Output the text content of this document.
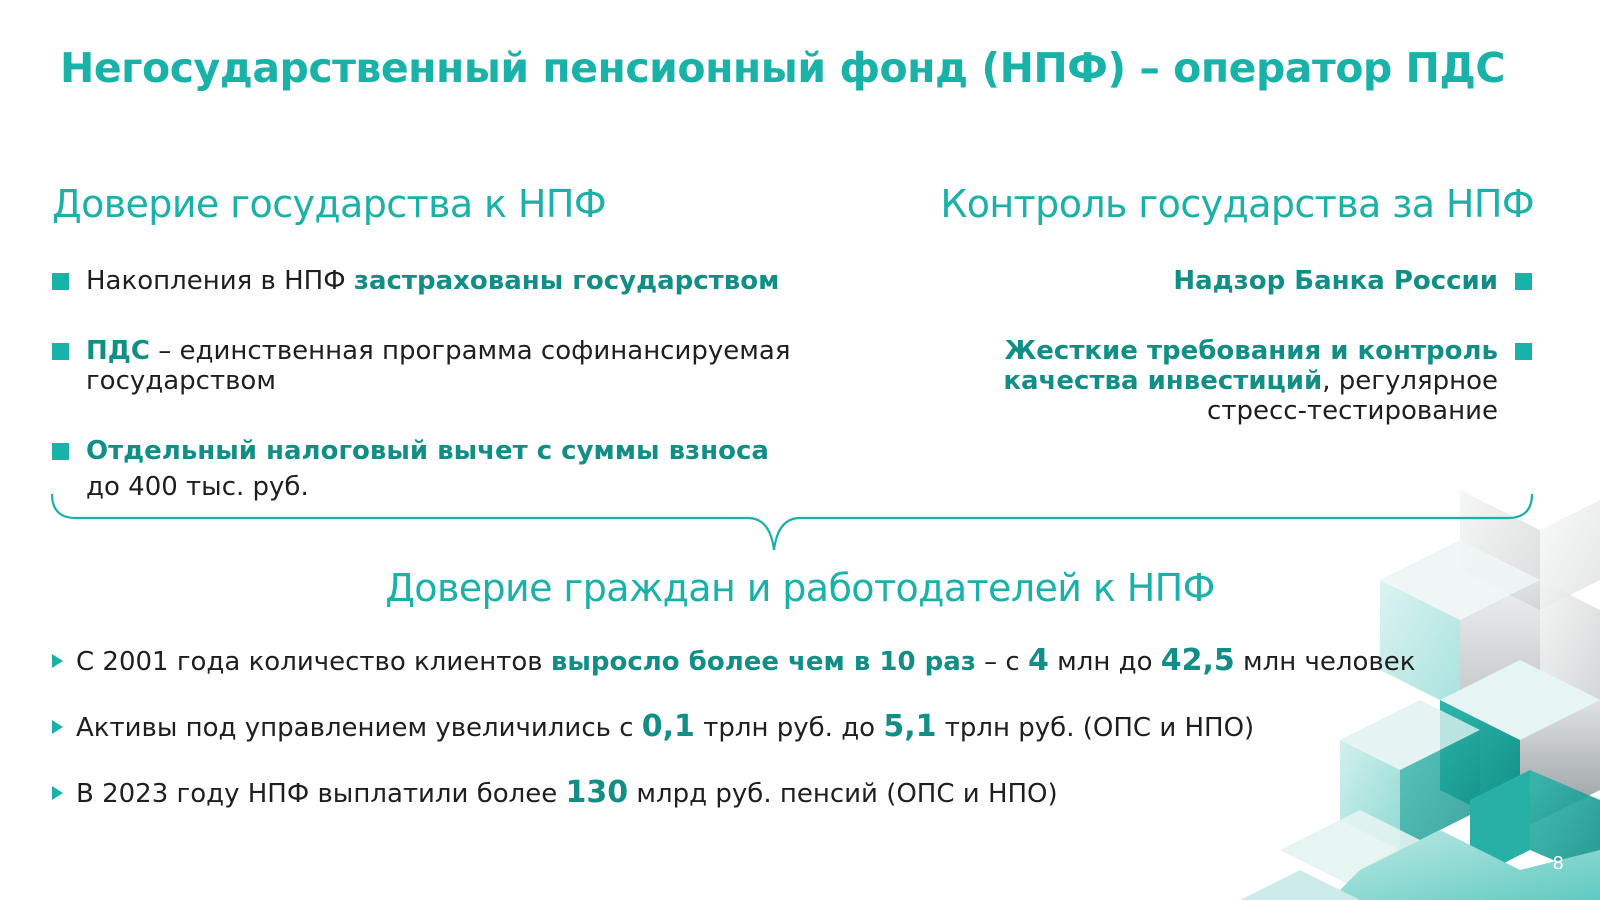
Негосударственный пенсионный фонд (НПФ) – оператор ПДС
Доверие государства к НПФ	Контроль государства за НПФ
Накопления в НПФ застрахованы государством
ПДС – единственная программа софинансируемая государством
Отдельный налоговый вычет с суммы взноса
до 400 тыс. руб.
Надзор Банка России
Жесткие требования и контроль качества инвестиций, регулярное стресс-тестирование
Доверие граждан и работодателей к НПФ
С 2001 года количество клиентов выросло более чем в 10 раз – с 4 млн до 42,5 млн человек
Активы под управлением увеличились с 0,1 трлн руб. до 5,1 трлн руб. (ОПС и НПО)
В 2023 году НПФ выплатили более 130 млрд руб. пенсий (ОПС и НПО)
8
